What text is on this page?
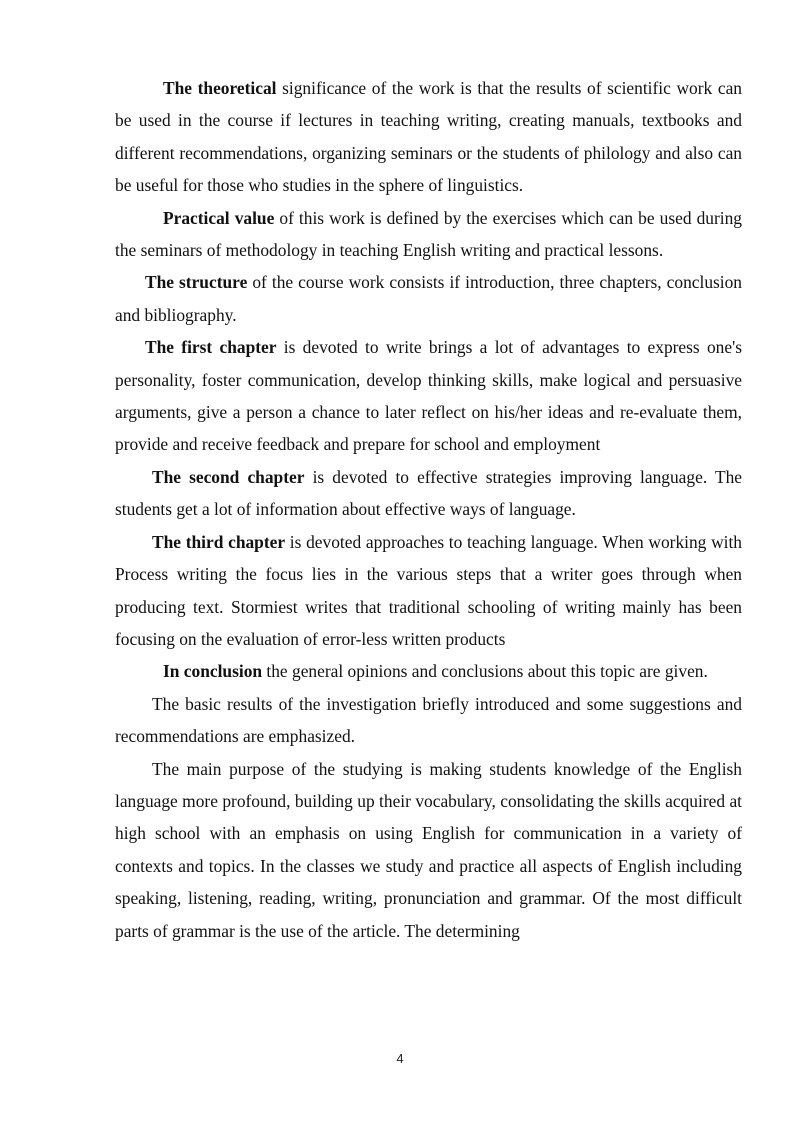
The theoretical significance of the work is that the results of scientific work can be used in the course if lectures in teaching writing, creating manuals, textbooks and different recommendations, organizing seminars or the students of philology and also can be useful for those who studies in the sphere of linguistics.

Practical value of this work is defined by the exercises which can be used during the seminars of methodology in teaching English writing and practical lessons.

The structure of the course work consists if introduction, three chapters, conclusion and bibliography.

The first chapter is devoted to write brings a lot of advantages to express one's personality, foster communication, develop thinking skills, make logical and persuasive arguments, give a person a chance to later reflect on his/her ideas and re-evaluate them, provide and receive feedback and prepare for school and employment

The second chapter is devoted to effective strategies improving language. The students get a lot of information about effective ways of language.

The third chapter is devoted approaches to teaching language. When working with Process writing the focus lies in the various steps that a writer goes through when producing text. Stormiest writes that traditional schooling of writing mainly has been focusing on the evaluation of error-less written products

In conclusion the general opinions and conclusions about this topic are given.

The basic results of the investigation briefly introduced and some suggestions and recommendations are emphasized.

The main purpose of the studying is making students knowledge of the English language more profound, building up their vocabulary, consolidating the skills acquired at high school with an emphasis on using English for communication in a variety of contexts and topics. In the classes we study and practice all aspects of English including speaking, listening, reading, writing, pronunciation and grammar. Of the most difficult parts of grammar is the use of the article. The determining

4
